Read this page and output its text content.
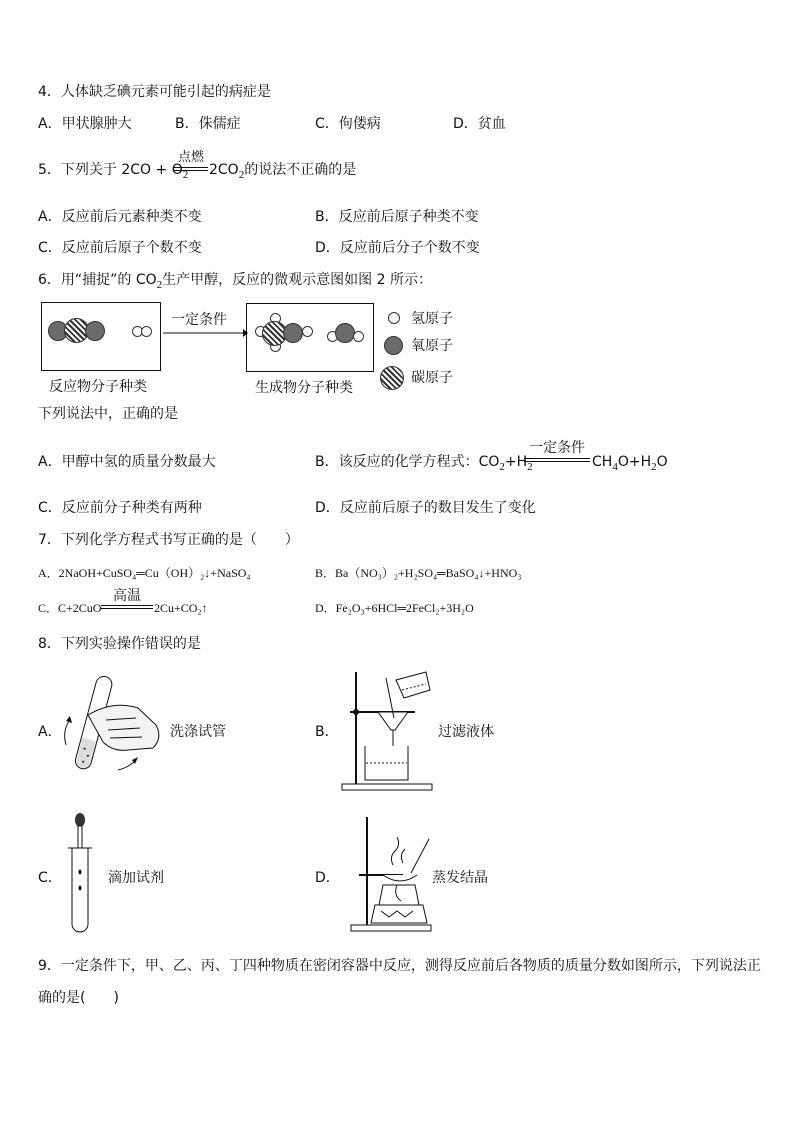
4．人体缺乏碘元素可能引起的病症是
A．甲状腺肿大	B．侏儒症	C．佝偻病	D．贫血
5．下列关于 $2CO + O_2$
点燃
$2CO_2$的说法不正确的是
A．反应前后元素种类不变	B．反应前后原子种类不变
C．反应前后原子个数不变	D．反应前后分子个数不变
6．用“捕捉”的 $CO_2$生产甲醇，反应的微观示意图如图 2 所示：
反应物分子种类
一定条件
生成物分子种类
氢原子
氧原子
碳原子
下列说法中，正确的是
A．甲醇中氢的质量分数最大	B．该反应的化学方程式：$CO_2+H_2$
一定条件
$CH_4O+H_2O$
C．反应前分子种类有两种	D．反应前后原子的数目发生了变化
7．下列化学方程式书写正确的是（　　）
A．2NaOH+CuSO₄═Cu（OH）₂↓+NaSO₄	B．Ba（NO₃）₂+H₂SO₄═BaSO₄↓+HNO₃
C．C+2CuO
高温
2Cu+CO₂↑	D．Fe₂O₃+6HCl═2FeCl₂+3H₂O
8．下列实验操作错误的是
A．	洗涤试管	B．	过滤液体
C．	滴加试剂	D．	蒸发结晶
9．一定条件下，甲、乙、丙、丁四种物质在密闭容器中反应，测得反应前后各物质的质量分数如图所示，下列说法正
确的是(　　)
